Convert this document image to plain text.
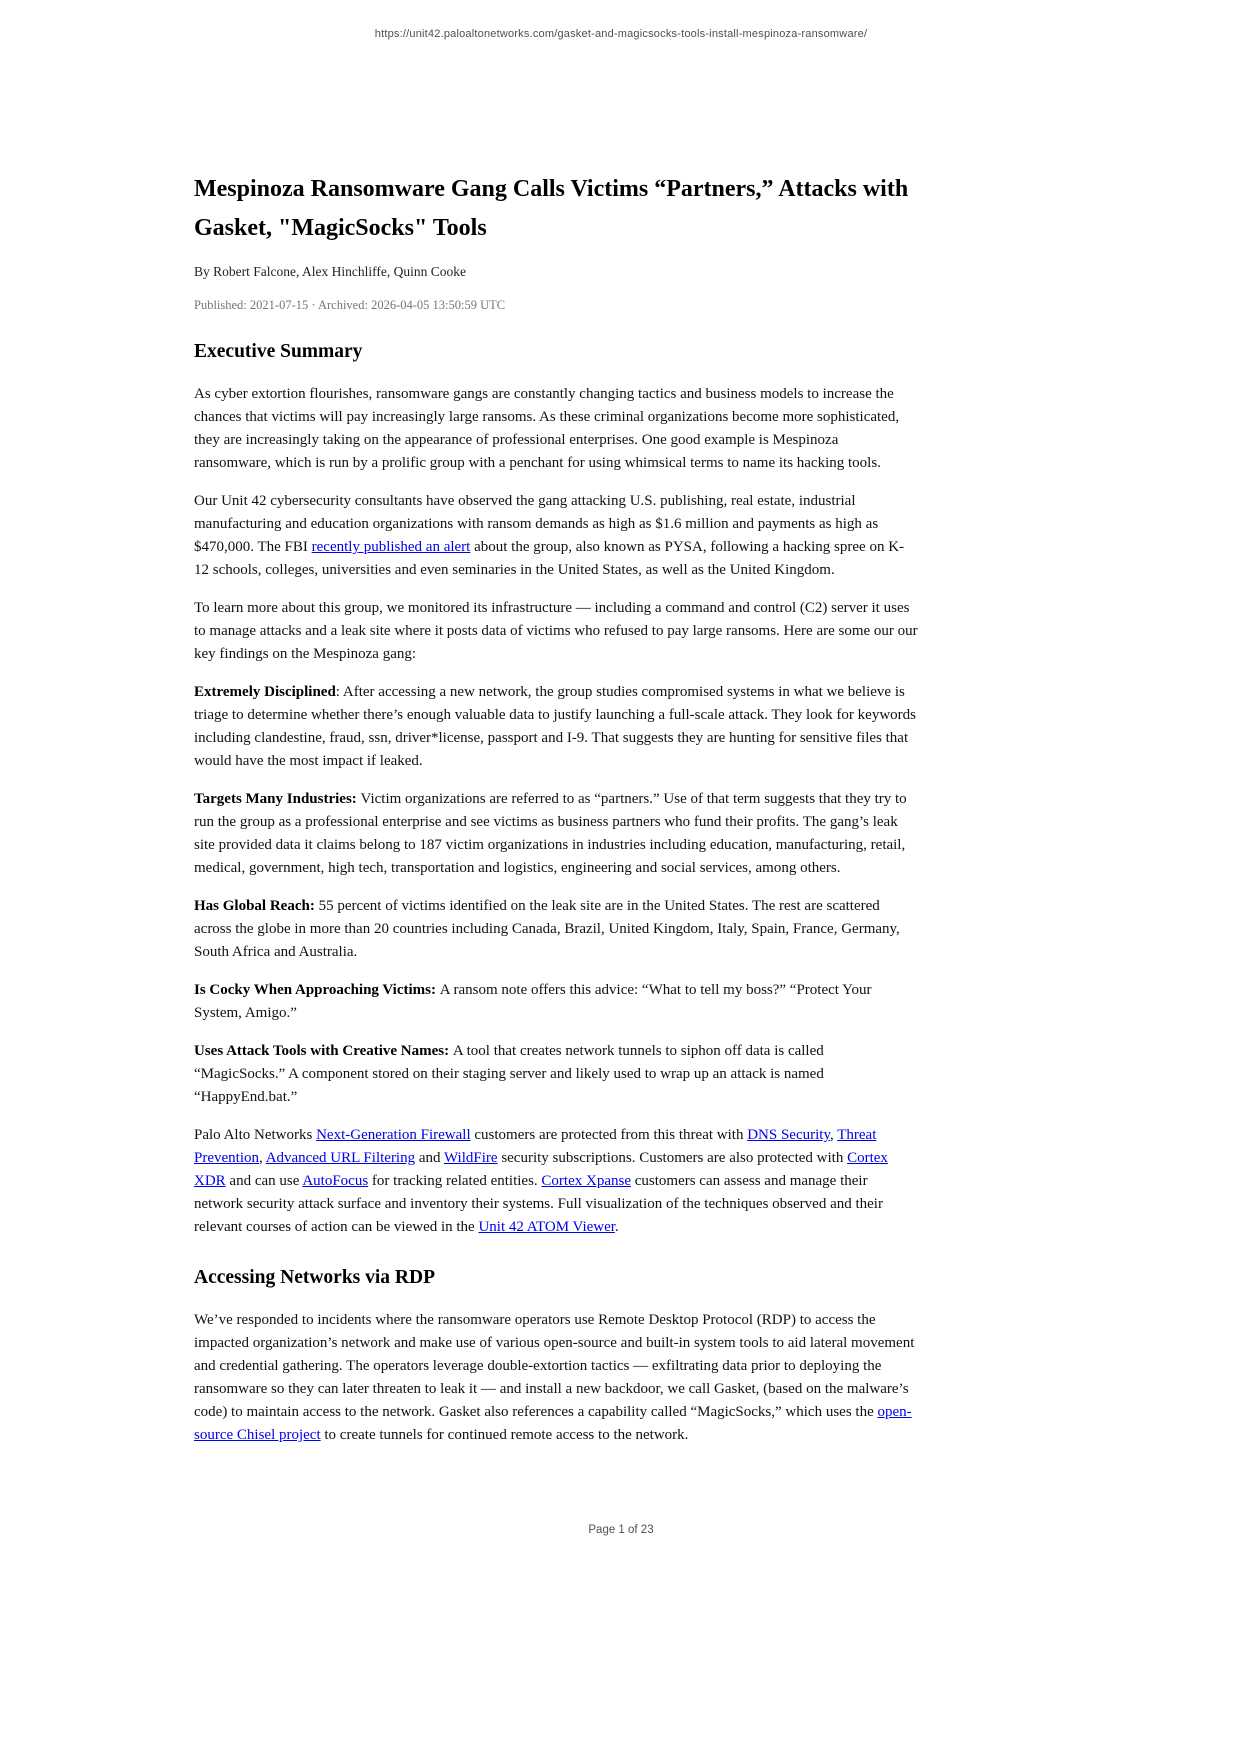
https://unit42.paloaltonetworks.com/gasket-and-magicsocks-tools-install-mespinoza-ransomware/
Mespinoza Ransomware Gang Calls Victims “Partners,” Attacks with Gasket, "MagicSocks" Tools
By Robert Falcone, Alex Hinchliffe, Quinn Cooke
Published: 2021-07-15 · Archived: 2026-04-05 13:50:59 UTC
Executive Summary

As cyber extortion flourishes, ransomware gangs are constantly changing tactics and business models to increase the chances that victims will pay increasingly large ransoms. As these criminal organizations become more sophisticated, they are increasingly taking on the appearance of professional enterprises. One good example is Mespinoza ransomware, which is run by a prolific group with a penchant for using whimsical terms to name its hacking tools.

Our Unit 42 cybersecurity consultants have observed the gang attacking U.S. publishing, real estate, industrial manufacturing and education organizations with ransom demands as high as $1.6 million and payments as high as $470,000. The FBI recently published an alert about the group, also known as PYSA, following a hacking spree on K-12 schools, colleges, universities and even seminaries in the United States, as well as the United Kingdom.

To learn more about this group, we monitored its infrastructure — including a command and control (C2) server it uses to manage attacks and a leak site where it posts data of victims who refused to pay large ransoms. Here are some our our key findings on the Mespinoza gang:

Extremely Disciplined: After accessing a new network, the group studies compromised systems in what we believe is triage to determine whether there’s enough valuable data to justify launching a full-scale attack. They look for keywords including clandestine, fraud, ssn, driver*license, passport and I-9. That suggests they are hunting for sensitive files that would have the most impact if leaked.

Targets Many Industries: Victim organizations are referred to as “partners.” Use of that term suggests that they try to run the group as a professional enterprise and see victims as business partners who fund their profits. The gang’s leak site provided data it claims belong to 187 victim organizations in industries including education, manufacturing, retail, medical, government, high tech, transportation and logistics, engineering and social services, among others.

Has Global Reach: 55 percent of victims identified on the leak site are in the United States. The rest are scattered across the globe in more than 20 countries including Canada, Brazil, United Kingdom, Italy, Spain, France, Germany, South Africa and Australia.

Is Cocky When Approaching Victims: A ransom note offers this advice: “What to tell my boss?” “Protect Your System, Amigo.”

Uses Attack Tools with Creative Names: A tool that creates network tunnels to siphon off data is called “MagicSocks.” A component stored on their staging server and likely used to wrap up an attack is named “HappyEnd.bat.”

Palo Alto Networks Next-Generation Firewall customers are protected from this threat with DNS Security, Threat Prevention, Advanced URL Filtering and WildFire security subscriptions. Customers are also protected with Cortex XDR and can use AutoFocus for tracking related entities. Cortex Xpanse customers can assess and manage their network security attack surface and inventory their systems. Full visualization of the techniques observed and their relevant courses of action can be viewed in the Unit 42 ATOM Viewer.

Accessing Networks via RDP

We’ve responded to incidents where the ransomware operators use Remote Desktop Protocol (RDP) to access the impacted organization’s network and make use of various open-source and built-in system tools to aid lateral movement and credential gathering. The operators leverage double-extortion tactics — exfiltrating data prior to deploying the ransomware so they can later threaten to leak it — and install a new backdoor, we call Gasket, (based on the malware’s code) to maintain access to the network. Gasket also references a capability called “MagicSocks,” which uses the open-source Chisel project to create tunnels for continued remote access to the network.

Page 1 of 23
